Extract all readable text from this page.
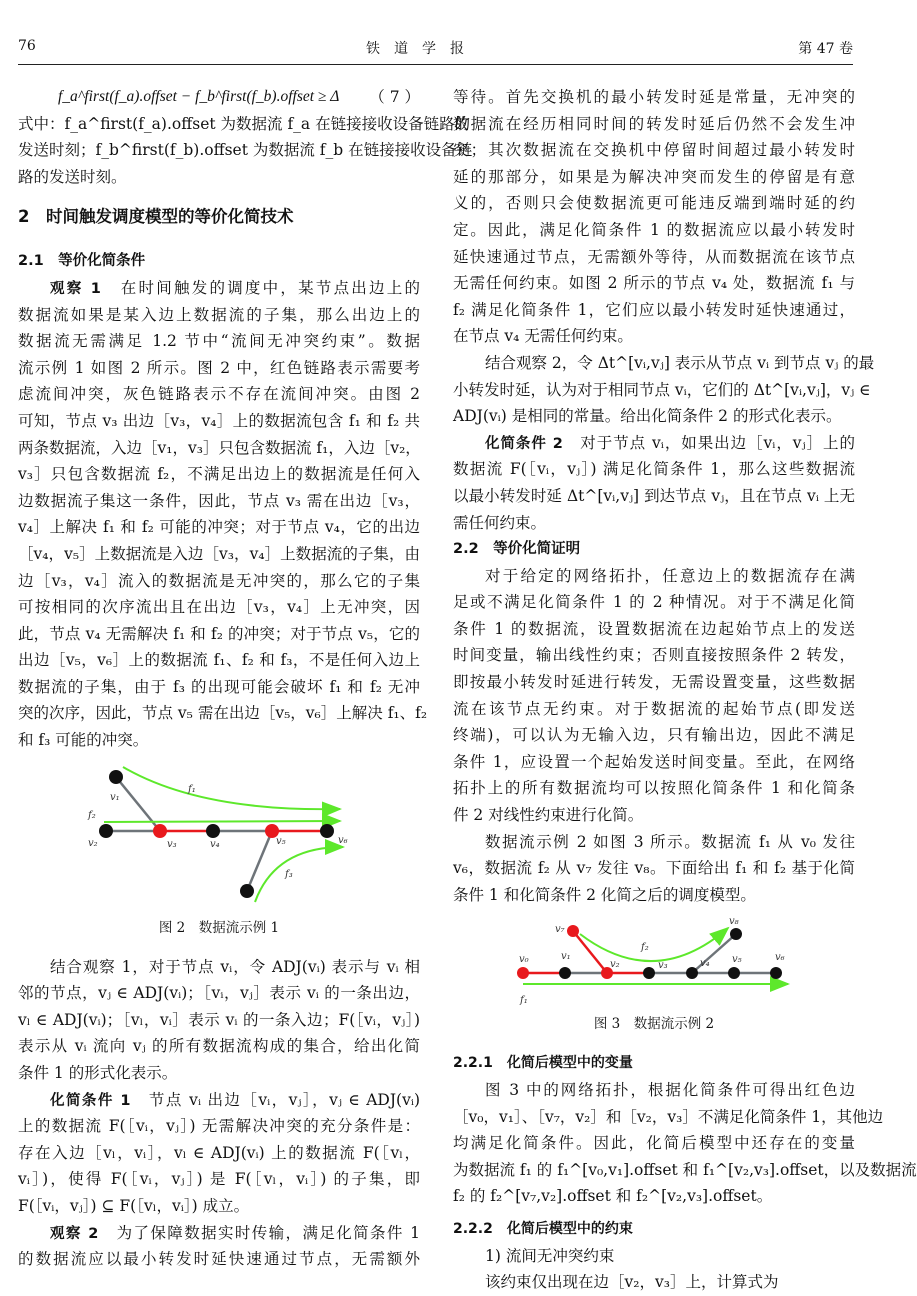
76	铁　道　学　报	第 47 卷
f_a^first(f_a).offset − f_b^first(f_b).offset ≥ Δ	（ 7 ）
式中：f_a^first(f_a).offset 为数据流 f_a 在链接接收设备链路的
发送时刻；f_b^first(f_b).offset 为数据流 f_b 在链接接收设备链
路的发送时刻。
2　时间触发调度模型的等价化简技术
2.1　等价化简条件
观察 1　在时间触发的调度中，某节点出边上的
数据流如果是某入边上数据流的子集，那么出边上的
数据流无需满足 1.2 节中“流间无冲突约束”。数据
流示例 1 如图 2 所示。图 2 中，红色链路表示需要考
虑流间冲突，灰色链路表示不存在流间冲突。由图 2
可知，节点 v₃ 出边［v₃，v₄］上的数据流包含 f₁ 和 f₂ 共
两条数据流，入边［v₁，v₃］只包含数据流 f₁，入边［v₂，
v₃］只包含数据流 f₂，不满足出边上的数据流是任何入
边数据流子集这一条件，因此，节点 v₃ 需在出边［v₃，
v₄］上解决 f₁ 和 f₂ 可能的冲突；对于节点 v₄，它的出边
［v₄，v₅］上数据流是入边［v₃，v₄］上数据流的子集，由
边［v₃，v₄］流入的数据流是无冲突的，那么它的子集
可按相同的次序流出且在出边［v₃，v₄］上无冲突，因
此，节点 v₄ 无需解决 f₁ 和 f₂ 的冲突；对于节点 v₅，它的
出边［v₅，v₆］上的数据流 f₁、f₂ 和 f₃，不是任何入边上
数据流的子集，由于 f₃ 的出现可能会破坏 f₁ 和 f₂ 无冲
突的次序，因此，节点 v₅ 需在出边［v₅，v₆］上解决 f₁、f₂
和 f₃ 可能的冲突。
f₁
f₂
f₃
v₁
v₂	v₃	v₄	v₅	v₆
图 2　数据流示例 1
结合观察 1，对于节点 vᵢ，令 ADJ(vᵢ) 表示与 vᵢ 相
邻的节点，vⱼ ∈ ADJ(vᵢ)；［vᵢ，vⱼ］表示 vᵢ 的一条出边，
vₗ ∈ ADJ(vᵢ)；［vₗ，vᵢ］表示 vᵢ 的一条入边；F(［vᵢ，vⱼ］)
表示从 vᵢ 流向 vⱼ 的所有数据流构成的集合，给出化简
条件 1 的形式化表示。
化简条件 1　节点 vᵢ 出边［vᵢ，vⱼ］，vⱼ ∈ ADJ(vᵢ)
上的数据流 F(［vᵢ，vⱼ］) 无需解决冲突的充分条件是：
存在入边［vₗ，vᵢ］，vₗ ∈ ADJ(vᵢ) 上的数据流 F(［vₗ，
vᵢ］)，使得 F(［vᵢ，vⱼ］) 是 F(［vₗ，vᵢ］) 的子集，即
F(［vᵢ，vⱼ］) ⊆ F(［vₗ，vᵢ］) 成立。
观察 2　为了保障数据实时传输，满足化简条件 1
的数据流应以最小转发时延快速通过节点，无需额外
等待。首先交换机的最小转发时延是常量，无冲突的
数据流在经历相同时间的转发时延后仍然不会发生冲
突；其次数据流在交换机中停留时间超过最小转发时
延的那部分，如果是为解决冲突而发生的停留是有意
义的，否则只会使数据流更可能违反端到端时延的约
定。因此，满足化简条件 1 的数据流应以最小转发时
延快速通过节点，无需额外等待，从而数据流在该节点
无需任何约束。如图 2 所示的节点 v₄ 处，数据流 f₁ 与
f₂ 满足化简条件 1，它们应以最小转发时延快速通过，
在节点 v₄ 无需任何约束。
结合观察 2，令 Δt^[vᵢ,vⱼ] 表示从节点 vᵢ 到节点 vⱼ 的最
小转发时延，认为对于相同节点 vᵢ，它们的 Δt^[vᵢ,vⱼ]，vⱼ ∈
ADJ(vᵢ) 是相同的常量。给出化简条件 2 的形式化表示。
化简条件 2　对于节点 vᵢ，如果出边［vᵢ，vⱼ］上的
数据流 F(［vᵢ，vⱼ］) 满足化简条件 1，那么这些数据流
以最小转发时延 Δt^[vᵢ,vⱼ] 到达节点 vⱼ，且在节点 vᵢ 上无
需任何约束。
2.2　等价化简证明
对于给定的网络拓扑，任意边上的数据流存在满
足或不满足化简条件 1 的 2 种情况。对于不满足化简
条件 1 的数据流，设置数据流在边起始节点上的发送
时间变量，输出线性约束；否则直接按照条件 2 转发，
即按最小转发时延进行转发，无需设置变量，这些数据
流在该节点无约束。对于数据流的起始节点(即发送
终端)，可以认为无输入边，只有输出边，因此不满足
条件 1，应设置一个起始发送时间变量。至此，在网络
拓扑上的所有数据流均可以按照化简条件 1 和化简条
件 2 对线性约束进行化简。
数据流示例 2 如图 3 所示。数据流 f₁ 从 v₀ 发往
v₆，数据流 f₂ 从 v₇ 发往 v₈。下面给出 f₁ 和 f₂ 基于化简
条件 1 和化简条件 2 化简之后的调度模型。
f₂
f₁
v₀	v₁
v₂	v₃	v₄ v₅	v₆
v₇
v₈
图 3　数据流示例 2
2.2.1　化简后模型中的变量
图 3 中的网络拓扑，根据化简条件可得出红色边
［v₀，v₁］、［v₇，v₂］和［v₂，v₃］不满足化简条件 1，其他边
均满足化简条件。因此，化简后模型中还存在的变量
为数据流 f₁ 的 f₁^[v₀,v₁].offset 和 f₁^[v₂,v₃].offset，以及数据流
f₂ 的 f₂^[v₇,v₂].offset 和 f₂^[v₂,v₃].offset。
2.2.2　化简后模型中的约束
1) 流间无冲突约束
该约束仅出现在边［v₂，v₃］上，计算式为
